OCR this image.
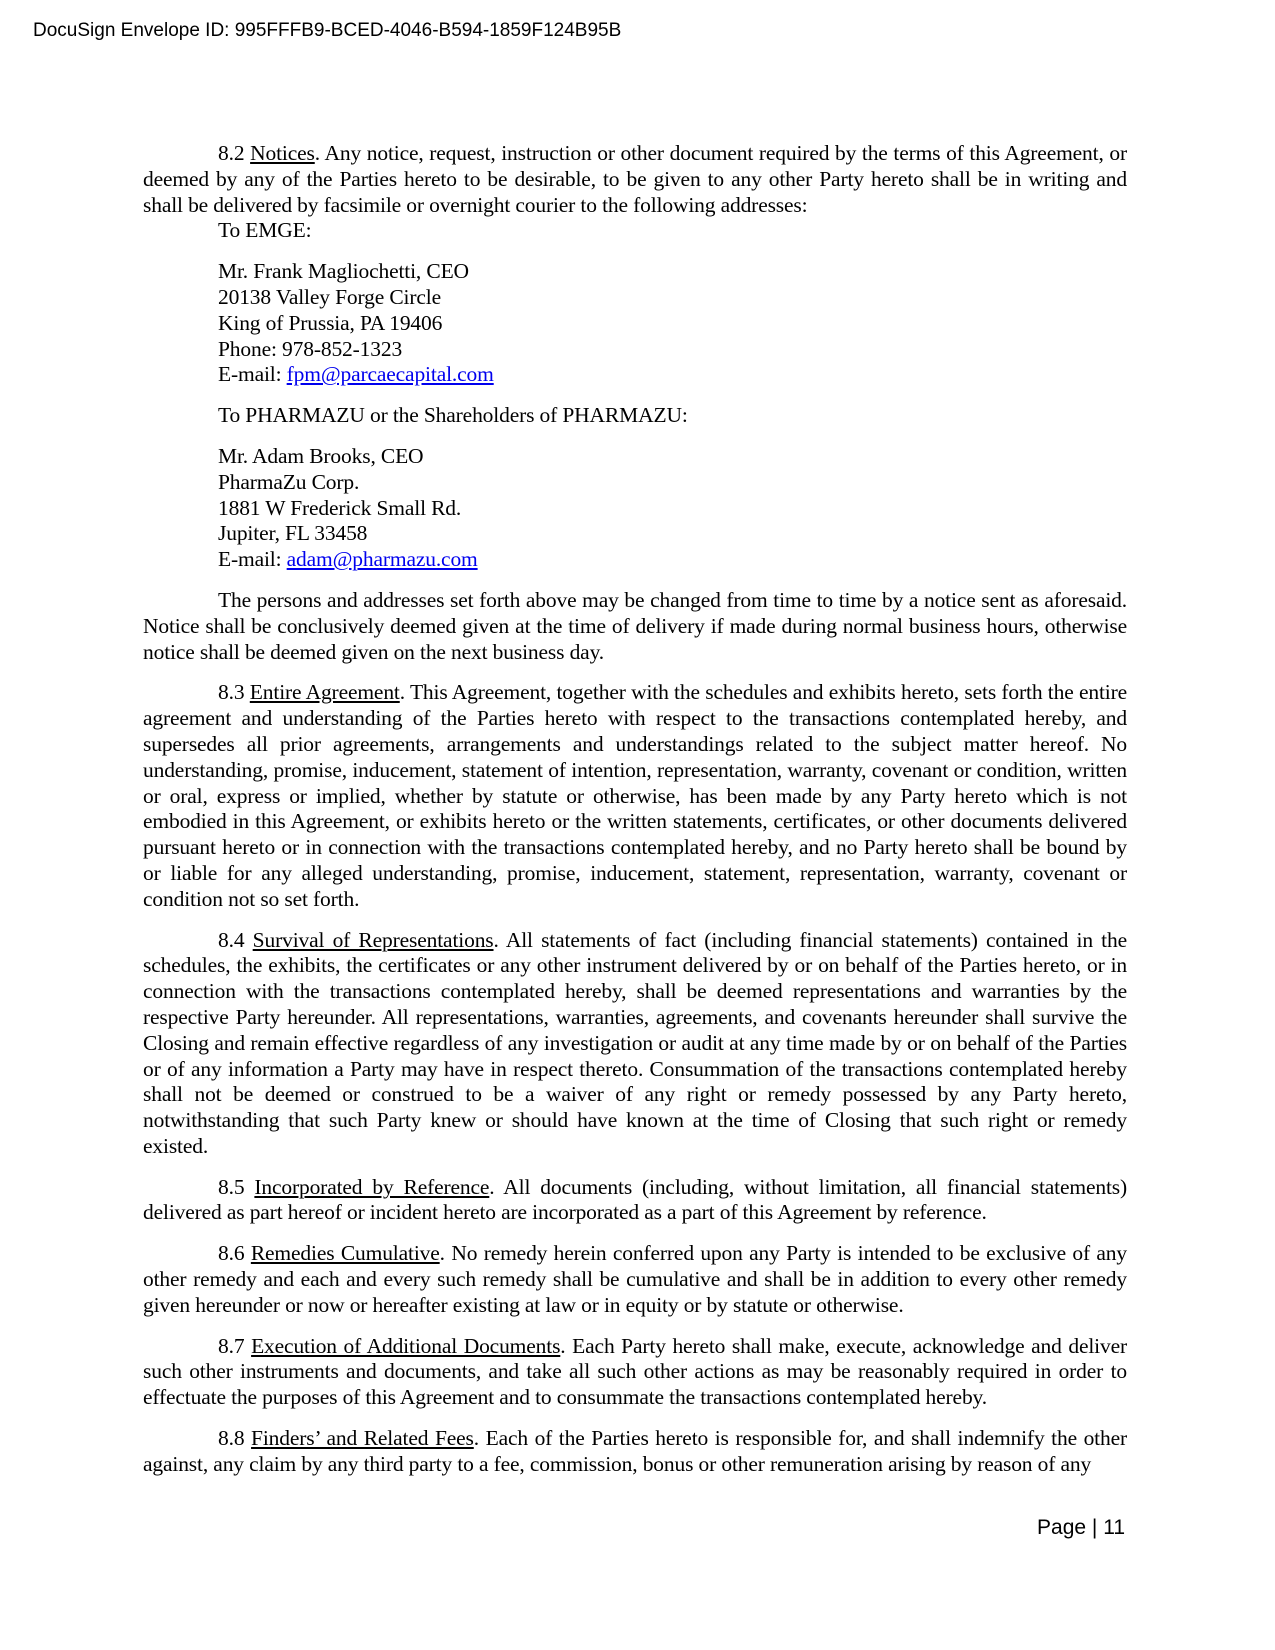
DocuSign Envelope ID: 995FFFB9-BCED-4046-B594-1859F124B95B

8.2 Notices. Any notice, request, instruction or other document required by the terms of this Agreement, or deemed by any of the Parties hereto to be desirable, to be given to any other Party hereto shall be in writing and shall be delivered by facsimile or overnight courier to the following addresses:

To EMGE:
Mr. Frank Magliochetti, CEO
20138 Valley Forge Circle
King of Prussia, PA 19406
Phone: 978-852-1323
E-mail: fpm@parcaecapital.com
To PHARMAZU or the Shareholders of PHARMAZU:
Mr. Adam Brooks, CEO
PharmaZu Corp.
1881 W Frederick Small Rd.
Jupiter, FL 33458
E-mail: adam@pharmazu.com

The persons and addresses set forth above may be changed from time to time by a notice sent as aforesaid. Notice shall be conclusively deemed given at the time of delivery if made during normal business hours, otherwise notice shall be deemed given on the next business day.

8.3 Entire Agreement. This Agreement, together with the schedules and exhibits hereto, sets forth the entire agreement and understanding of the Parties hereto with respect to the transactions contemplated hereby, and supersedes all prior agreements, arrangements and understandings related to the subject matter hereof. No understanding, promise, inducement, statement of intention, representation, warranty, covenant or condition, written or oral, express or implied, whether by statute or otherwise, has been made by any Party hereto which is not embodied in this Agreement, or exhibits hereto or the written statements, certificates, or other documents delivered pursuant hereto or in connection with the transactions contemplated hereby, and no Party hereto shall be bound by or liable for any alleged understanding, promise, inducement, statement, representation, warranty, covenant or condition not so set forth.

8.4 Survival of Representations. All statements of fact (including financial statements) contained in the schedules, the exhibits, the certificates or any other instrument delivered by or on behalf of the Parties hereto, or in connection with the transactions contemplated hereby, shall be deemed representations and warranties by the respective Party hereunder. All representations, warranties, agreements, and covenants hereunder shall survive the Closing and remain effective regardless of any investigation or audit at any time made by or on behalf of the Parties or of any information a Party may have in respect thereto. Consummation of the transactions contemplated hereby shall not be deemed or construed to be a waiver of any right or remedy possessed by any Party hereto, notwithstanding that such Party knew or should have known at the time of Closing that such right or remedy existed.

8.5 Incorporated by Reference. All documents (including, without limitation, all financial statements) delivered as part hereof or incident hereto are incorporated as a part of this Agreement by reference.

8.6 Remedies Cumulative. No remedy herein conferred upon any Party is intended to be exclusive of any other remedy and each and every such remedy shall be cumulative and shall be in addition to every other remedy given hereunder or now or hereafter existing at law or in equity or by statute or otherwise.

8.7 Execution of Additional Documents. Each Party hereto shall make, execute, acknowledge and deliver such other instruments and documents, and take all such other actions as may be reasonably required in order to effectuate the purposes of this Agreement and to consummate the transactions contemplated hereby.

8.8 Finders’ and Related Fees. Each of the Parties hereto is responsible for, and shall indemnify the other against, any claim by any third party to a fee, commission, bonus or other remuneration arising by reason of any

Page | 11
